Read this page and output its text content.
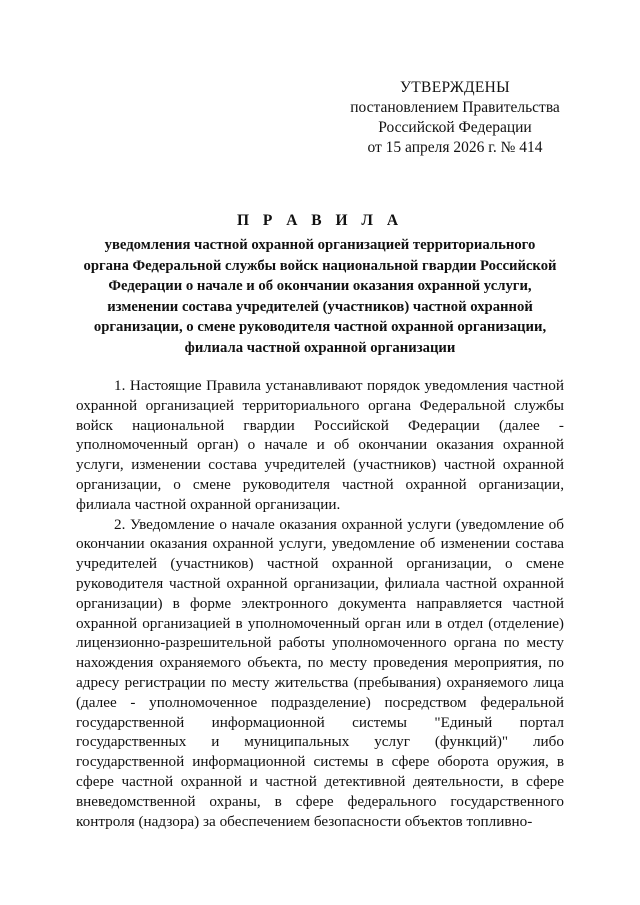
УТВЕРЖДЕНЫ
постановлением Правительства
Российской Федерации
от 15 апреля 2026 г. № 414
П Р А В И Л А
уведомления частной охранной организацией территориального органа Федеральной службы войск национальной гвардии Российской Федерации о начале и об окончании оказания охранной услуги, изменении состава учредителей (участников) частной охранной организации, о смене руководителя частной охранной организации, филиала частной охранной организации

1. Настоящие Правила устанавливают порядок уведомления частной охранной организацией территориального органа Федеральной службы войск национальной гвардии Российской Федерации (далее - уполномоченный орган) о начале и об окончании оказания охранной услуги, изменении состава учредителей (участников) частной охранной организации, о смене руководителя частной охранной организации, филиала частной охранной организации.

2. Уведомление о начале оказания охранной услуги (уведомление об окончании оказания охранной услуги, уведомление об изменении состава учредителей (участников) частной охранной организации, о смене руководителя частной охранной организации, филиала частной охранной организации) в форме электронного документа направляется частной охранной организацией в уполномоченный орган или в отдел (отделение) лицензионно-разрешительной работы уполномоченного органа по месту нахождения охраняемого объекта, по месту проведения мероприятия, по адресу регистрации по месту жительства (пребывания) охраняемого лица (далее - уполномоченное подразделение) посредством федеральной государственной информационной системы "Единый портал государственных и муниципальных услуг (функций)" либо государственной информационной системы в сфере оборота оружия, в сфере частной охранной и частной детективной деятельности, в сфере вневедомственной охраны, в сфере федерального государственного контроля (надзора) за обеспечением безопасности объектов топливно-
